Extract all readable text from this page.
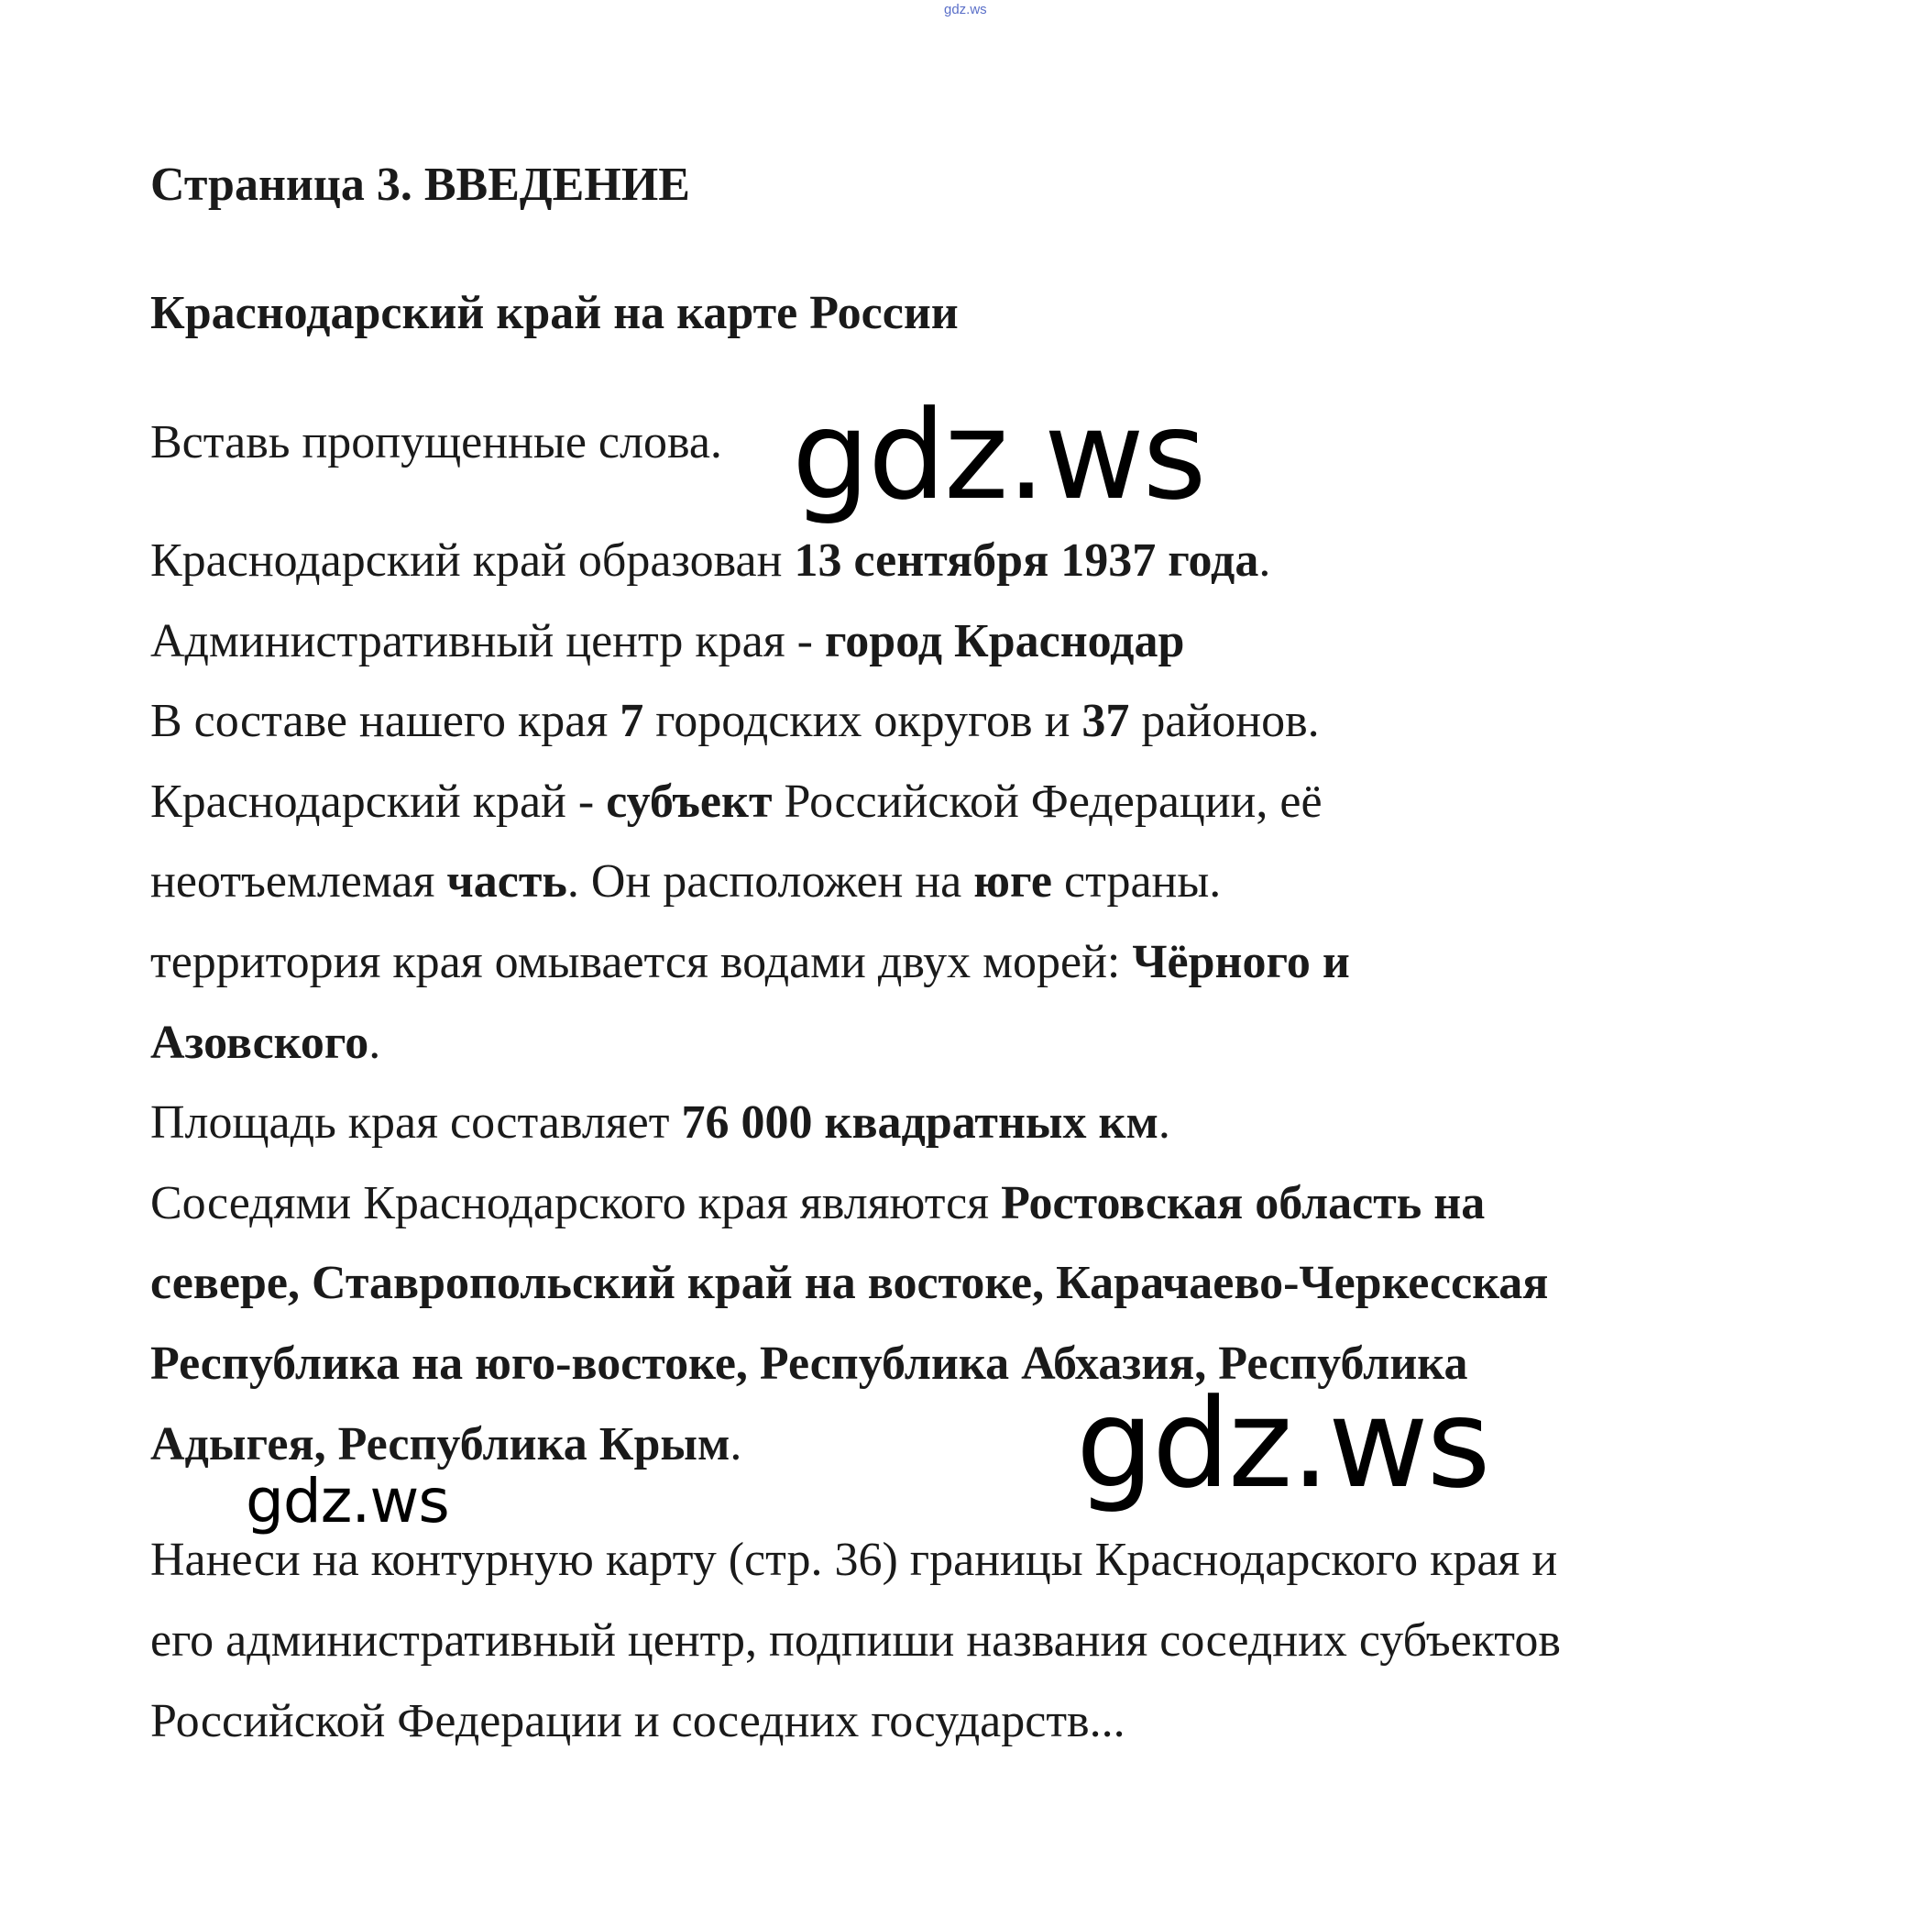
gdz.ws
Страница 3. ВВЕДЕНИЕ
Краснодарский край на карте России
Вставь пропущенные слова.

Краснодарский край образован 13 сентября 1937 года.

Административный центр края - город Краснодар

В составе нашего края 7 городских округов и 37 районов.

Краснодарский край - субъект Российской Федерации, её

неотъемлемая часть. Он расположен на юге страны.

территория края омывается водами двух морей: Чёрного и

Азовского.

Площадь края составляет 76 000 квадратных км.

Соседями Краснодарского края являются Ростовская область на

севере, Ставропольский край на востоке, Карачаево-Черкесская

Республика на юго-востоке, Республика Абхазия, Республика

Адыгея, Республика Крым.

Нанеси на контурную карту (стр. 36) границы Краснодарского края и

его административный центр, подпиши названия соседних субъектов

Российской Федерации и соседних государств...

gdz.ws
gdz.ws
gdz.ws
